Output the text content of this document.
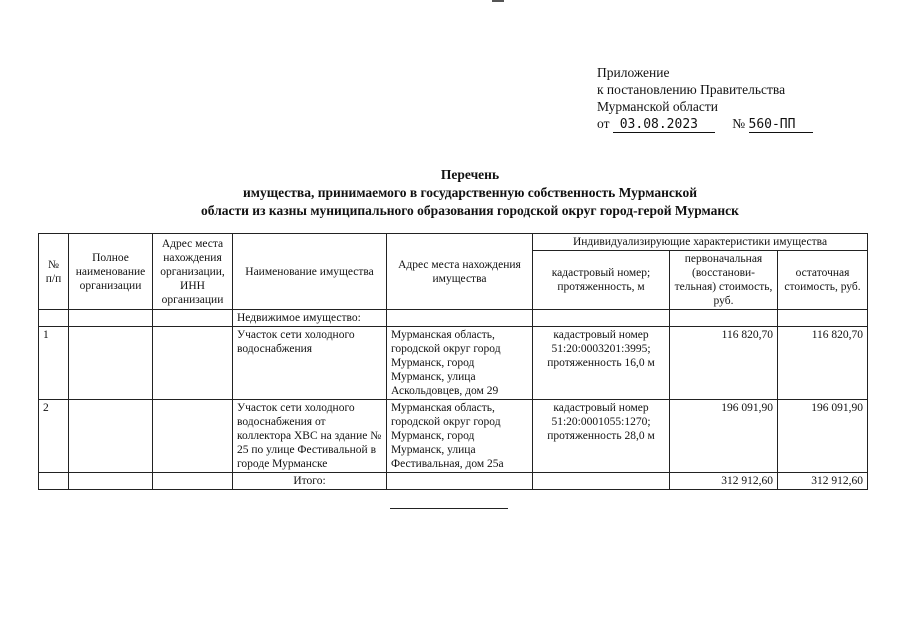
Приложение
к постановлению Правительства
Мурманской области
от 03.08.2023	№ 560-ПП
Перечень
имущества, принимаемого в государственную собственность Мурманской
области из казны муниципального образования городской округ город-герой Мурманск
№ п/п	Полное наименование организации	Адрес места нахождения организации, ИНН организации	Наименование имущества	Адрес места нахождения имущества	Индивидуализирующие характеристики имущества		
					кадастровый номер; протяженность, м	первоначальная (восстанови- тельная) стоимость, руб.	остаточная стоимость, руб.
			Недвижимое имущество:				
1			Участок сети холодного водоснабжения	Мурманская область, городской округ город Мурманск, город Мурманск, улица Аскольдовцев, дом 29	кадастровый номер 51:20:0003201:3995; протяженность 16,0 м	116 820,70	116 820,70
2			Участок сети холодного водоснабжения от коллектора ХВС на здание № 25 по улице Фестивальной в городе Мурманске	Мурманская область, городской округ город Мурманск, город Мурманск, улица Фестивальная, дом 25а	кадастровый номер 51:20:0001055:1270; протяженность 28,0 м	196 091,90	196 091,90
			Итого:			312 912,60	312 912,60
